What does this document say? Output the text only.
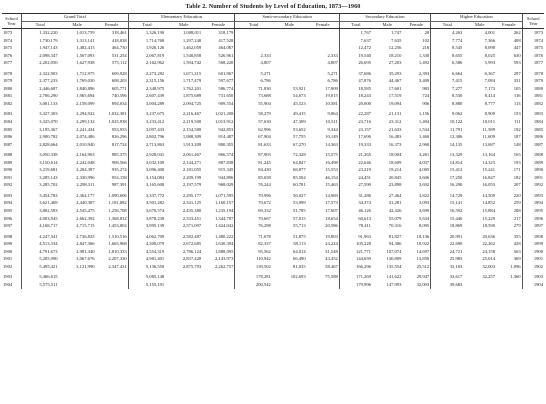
Table 2. Number of Students by Level of Education, 1873—1960
School Year	Grand Total			Elementary Education			Semi-secondary Education			Secondary Education			Higher Education			School Year
	Total	Male	Female	Total	Male	Female	Total	Male	Female	Total	Male	Female	Total	Male	Female	
1873	1,332,220	1,013,759	318,461	1,326,190	1,008,011	318,179				1,767	1,747	20	4,263	4,001	262	1873
1874	1,730,179	1,313,141	418,038	1,714,768	1,297,240	417,528				7,637	7,635	102	7,774	7,366	408	1874
1875	1,947,143	1,482,413	464,730	1,926,126	1,462,059	464,067				12,472	12,256	216	8,545	8,098	447	1875
1876	2,098,347	1,567,093	531,254	2,067,819	1,540,858	526,961	2,333		2,333	19,540	18,210	1,330	8,655	8,025	630	1876
1877	2,202,050	1,627,938	575,112	2,162,962	1,594,742	568,220	4,807		4,807	26,695	27,203	1,492	6,586	5,993	593	1877
1878	2,322,903	1,712,975	609,928	2,273,282	1,671,315	601,967	5,271		5,271	37,686	35,293	2,393	6,664	6,367	297	1878
1879	2,377,233	1,769,030	608,203	2,315,156	1,717,479	597,677	6,786		6,786	47,876	44,467	3,409	7,415	7,084	331	1879
1880	2,446,687	1,840,896	605,771	2,348,975	1,762,201	586,774	71,830	53,921	17,909	18,585	17,601	983	7,277	7,173	105	1880
1881	2,706,290	1,965,694	740,596	2,607,439	1,875,689	731,650	73,688	54,673	19,015	18,243	17,519	724	8,530	8,414	116	1881
1882	3,081,133	2,158,099	894,034	3,004,289	2,094,725	909,554	55,904	45,523	10,381	20,000	19,094	906	8,880	8,777	113	1882
1883	3,327,303	2,294,922	1,032,381	3,237,675	2,216,467	1,021,208	58,279	49,415	9,864	22,287	21,131	1,156	9,062	8,909	153	1883
1884	3,325,070	2,299,132	1,025,938	3,233,412	2,219,500	1,013,912	57,630	47,309	10,511	23,716	23,312	1,404	10,122	10,011	111	1884
1885	3,195,367	2,241,434	953,933	3,097,433	2,154,580	942,853	62,996	53,652	9,344	23,157	21,633	1,534	11,791	11,589	192	1885
1886	2,900,782	2,074,486	826,296	2,802,796	1,988,309	814,487	67,904	57,755	10,149	17,696	16,483	1,460	12,386	11,609	187	1886
1887	2,828,664	2,010,940	817,724	2,713,863	1,913,209	800,355	81,633	67,270	14,363	19,333	16,373	2,960	14,135	13,687	148	1887
1888	3,050,338	2,164,963	885,375	2,928,041	2,061,467	866,574	87,903	72,328	15,575	21,265	18,004	3,261	13,329	13,164	165	1888
1889	3,150,614	2,242,048	908,566	3,032,109	2,144,271	887,838	81,245	64,847	16,498	22,646	18,609	4,037	14,814	14,323	193	1889
1890	3,219,681	2,284,387	935,274	3,096,400	2,181,055	915,345	84,430	68,877	15,553	23,219	19,214	4,005	15,412	15,241	171	1890
1891	3,285,143	2,330,996	954,158	3,154,083	2,209,199	944,896	85,658	85,504	46,154	24,451	20,845	3,606	17,250	16,847	182	1891
1892	3,285,702	2,298,311	987,391	3,165,608	2,197,579	968,029	76,244	60,781	15,463	27,590	23,898	3,692	16,290	16,053	207	1892
1893	3,454,783	2,364,177	1,090,606	3,337,772	2,295,177	1,071,595	70,996	56,027	14,969	31,286	27,464	3,822	14,729	14,509	220	1893
1894	3,621,469	2,440,387	1,181,082	3,501,282	2,341,125	1,160,157	70,672	53,099	17,573	34,374	31,281	3,093	15,141	14,852	259	1894
1895	3,802,583	2,545,475	1,256,708	3,670,574	2,435,380	1,235,194	69,332	51,785	17,607	46,126	42,426	3,699	16,592	15,884	208	1895
1896	4,003,945	2,662,392	1,368,832	3,878,238	2,533,451	1,344,787	70,667	57,015	18,654	60,613	55,079	5,634	15,446	15,229	217	1896
1897	4,168,717	2,715,715	1,453,002	3,995,139	2,571,097	1,424,042	76,298	55,713	20,586	78,411	70,316	8,095	18,869	18,590	279	1897
1898	4,247,341	2,736,825	1,510,516	4,062,709	2,582,487	1,480,222	71,678	51,875	19,803	91,963	81,827	10,136	20,991	20,636	355	1898
1899	4,513,334	2,847,366	1,665,968	4,300,079	2,672,685	1,630,394	82,337	58,113	24,224	105,228	94,306	10,922	22,690	22,262	428	1899
1900	4,791,673	2,981,340	1,810,333	4,554,319	2,786,124	1,888,095	95,562	64,014	31,548	121,771	107,074	14,697	24,721	24,158	563	1900
1901	5,205,990	3,067,676	2,207,330	4,981,401	2,837,428	2,143,973	110,942	66,490	43,452	144,659	130,809	13,850	25,983	25,014	369	1901
1902	5,495,421	3,121,990	2,347,431	5,136,550	2,875,793	2,262,757	139,502	81,035	58,467	166,296	135,554	25,512	33,103	32,003	1,096	1902
1903	5,466,615			5,085,148			178,281	102,693	75,588	171,269	141,622	29,947	33,617	32,257	1,360	1903
1904	5,575,511			5,155,191			200,542			179,996	147,993	32,003	39,683			1904
